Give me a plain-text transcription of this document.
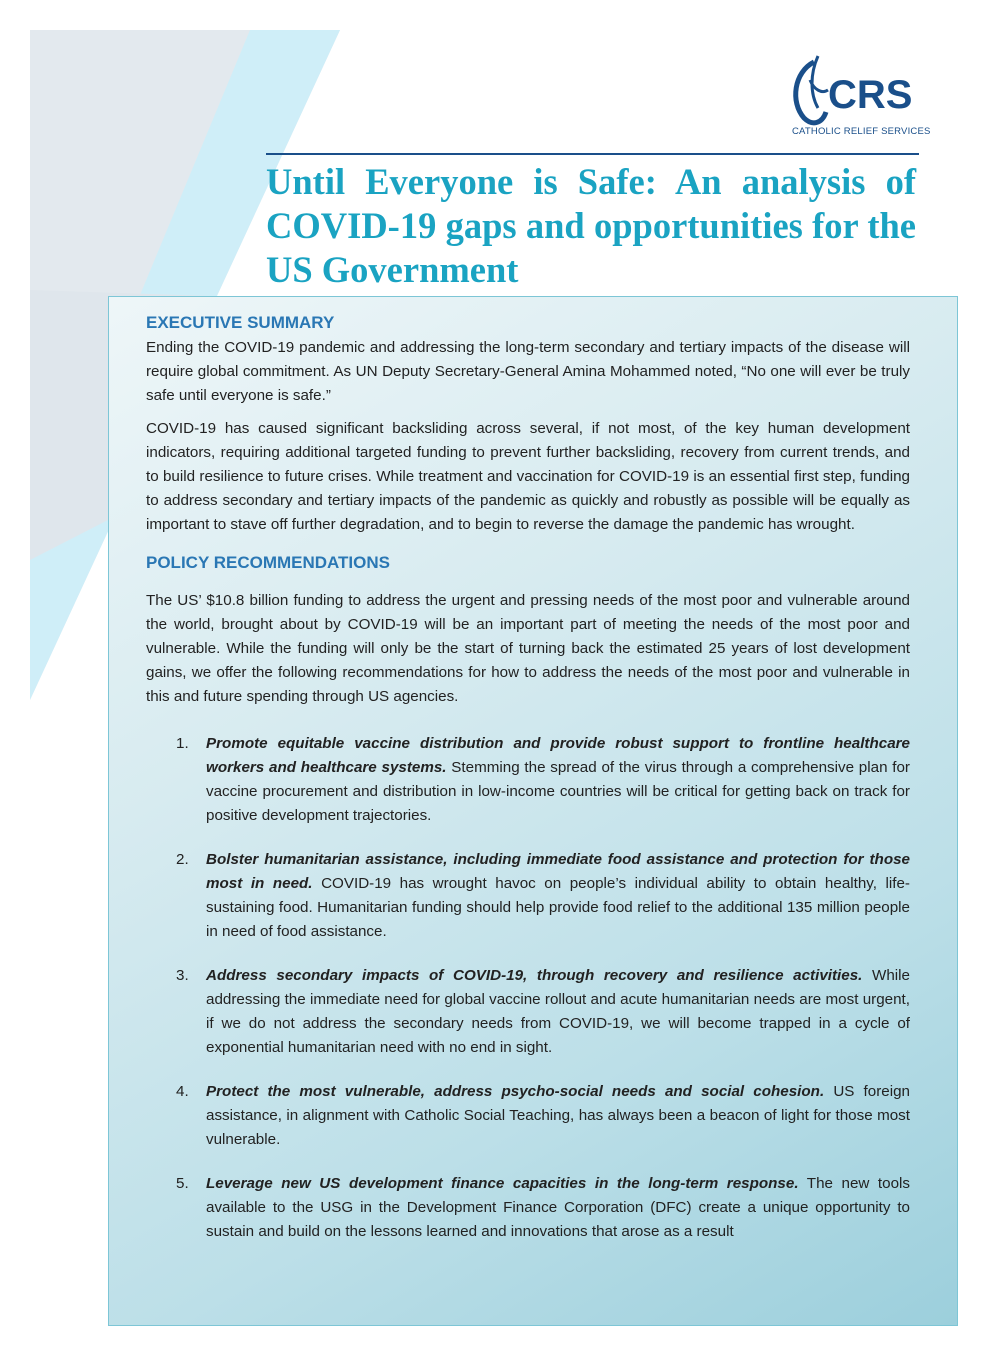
CRS
CATHOLIC RELIEF SERVICES
Until Everyone is Safe: An analysis of COVID-19 gaps and opportunities for the US Government
EXECUTIVE SUMMARY

Ending the COVID-19 pandemic and addressing the long-term secondary and tertiary impacts of the disease will require global commitment. As UN Deputy Secretary-General Amina Mohammed noted, “No one will ever be truly safe until everyone is safe.”

COVID-19 has caused significant backsliding across several, if not most, of the key human development indicators, requiring additional targeted funding to prevent further backsliding, recovery from current trends, and to build resilience to future crises. While treatment and vaccination for COVID-19 is an essential first step, funding to address secondary and tertiary impacts of the pandemic as quickly and robustly as possible will be equally as important to stave off further degradation, and to begin to reverse the damage the pandemic has wrought.

POLICY RECOMMENDATIONS

The US’ $10.8 billion funding to address the urgent and pressing needs of the most poor and vulnerable around the world, brought about by COVID-19 will be an important part of meeting the needs of the most poor and vulnerable. While the funding will only be the start of turning back the estimated 25 years of lost development gains, we offer the following recommendations for how to address the needs of the most poor and vulnerable in this and future spending through US agencies.

1. Promote equitable vaccine distribution and provide robust support to frontline healthcare workers and healthcare systems. Stemming the spread of the virus through a comprehensive plan for vaccine procurement and distribution in low-income countries will be critical for getting back on track for positive development trajectories.
2. Bolster humanitarian assistance, including immediate food assistance and protection for those most in need. COVID-19 has wrought havoc on people’s individual ability to obtain healthy, life-sustaining food. Humanitarian funding should help provide food relief to the additional 135 million people in need of food assistance.
3. Address secondary impacts of COVID-19, through recovery and resilience activities. While addressing the immediate need for global vaccine rollout and acute humanitarian needs are most urgent, if we do not address the secondary needs from COVID-19, we will become trapped in a cycle of exponential humanitarian need with no end in sight.
4. Protect the most vulnerable, address psycho-social needs and social cohesion. US foreign assistance, in alignment with Catholic Social Teaching, has always been a beacon of light for those most vulnerable.
5. Leverage new US development finance capacities in the long-term response. The new tools available to the USG in the Development Finance Corporation (DFC) create a unique opportunity to sustain and build on the lessons learned and innovations that arose as a result
